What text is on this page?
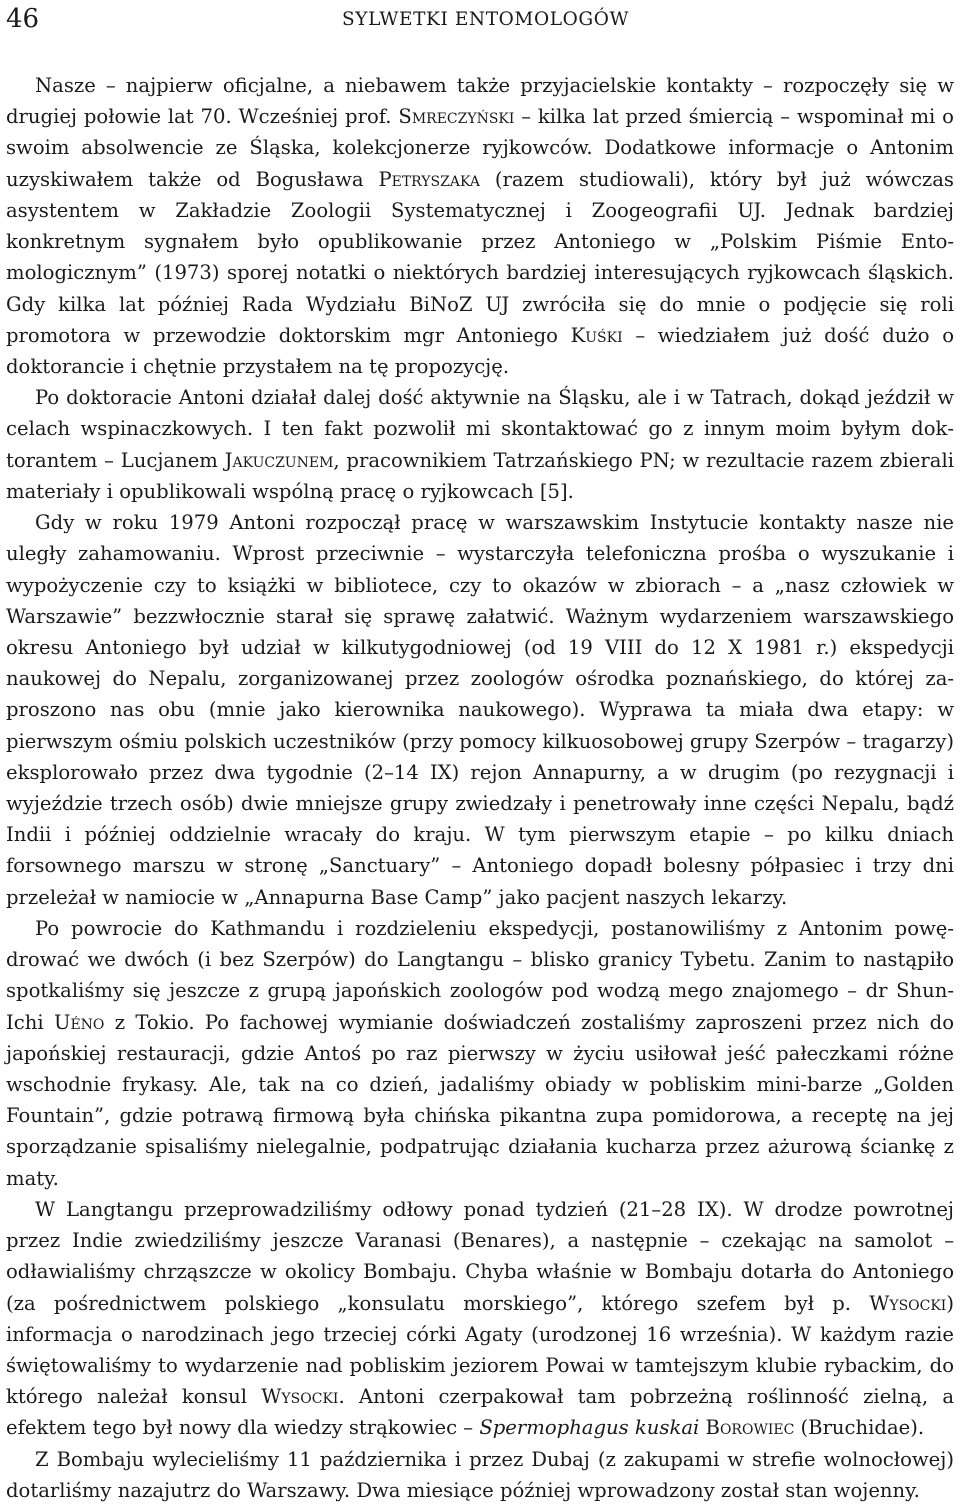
46	SYLWETKI ENTOMOLOGÓW

Nasze – najpierw oficjalne, a niebawem także przyjacielskie kontakty – rozpoczęły się w drugiej połowie lat 70. Wcześniej prof. Smreczyński – kilka lat przed śmiercią – wspominał mi o swoim absolwencie ze Śląska, kolekcjonerze ryjkowców. Dodatkowe informacje o Antonim uzyskiwałem także od Bogusława Petryszaka (razem studiowali), który był już wówczas asystentem w Zakładzie Zoologii Systematycznej i Zoogeografii UJ. Jednak bardziej konkretnym sygnałem było opublikowanie przez Antoniego w „Polskim Piśmie Entomologicznym” (1973) sporej notatki o niektórych bardziej interesujących ryjkowcach śląskich. Gdy kilka lat później Rada Wydziału BiNoZ UJ zwróciła się do mnie o podjęcie się roli promotora w przewodzie doktorskim mgr Antoniego Kuśki – wiedziałem już dość dużo o doktorancie i chętnie przystałem na tę propozycję.

Po doktoracie Antoni działał dalej dość aktywnie na Śląsku, ale i w Tatrach, dokąd jeździł w celach wspinaczkowych. I ten fakt pozwolił mi skontaktować go z innym moim byłym doktorantem – Lucjanem Jakuczunem, pracownikiem Tatrzańskiego PN; w rezultacie razem zbierali materiały i opublikowali wspólną pracę o ryjkowcach [5].

Gdy w roku 1979 Antoni rozpoczął pracę w warszawskim Instytucie kontakty nasze nie uległy zahamowaniu. Wprost przeciwnie – wystarczyła telefoniczna prośba o wyszukanie i wypożyczenie czy to książki w bibliotece, czy to okazów w zbiorach – a „nasz człowiek w Warszawie” bezzwłocznie starał się sprawę załatwić. Ważnym wydarzeniem warszawskiego okresu Antoniego był udział w kilkutygodniowej (od 19 VIII do 12 X 1981 r.) ekspedycji naukowej do Nepalu, zorganizowanej przez zoologów ośrodka poznańskiego, do której zaproszono nas obu (mnie jako kierownika naukowego). Wyprawa ta miała dwa etapy: w pierwszym ośmiu polskich uczestników (przy pomocy kilkuosobowej grupy Szerpów – tragarzy) eksplorowało przez dwa tygodnie (2–14 IX) rejon Annapurny, a w drugim (po rezygnacji i wyjeździe trzech osób) dwie mniejsze grupy zwiedzały i penetrowały inne części Nepalu, bądź Indii i później oddzielnie wracały do kraju. W tym pierwszym etapie – po kilku dniach forsownego marszu w stronę „Sanctuary” – Antoniego dopadł bolesny półpasiec i trzy dni przeleżał w namiocie w „Annapurna Base Camp” jako pacjent naszych lekarzy.

Po powrocie do Kathmandu i rozdzieleniu ekspedycji, postanowiliśmy z Antonim powędrować we dwóch (i bez Szerpów) do Langtangu – blisko granicy Tybetu. Zanim to nastąpiło spotkaliśmy się jeszcze z grupą japońskich zoologów pod wodzą mego znajomego – dr ShunIchi Uéno z Tokio. Po fachowej wymianie doświadczeń zostaliśmy zaproszeni przez nich do japońskiej restauracji, gdzie Antoś po raz pierwszy w życiu usiłował jeść pałeczkami różne wschodnie frykasy. Ale, tak na co dzień, jadaliśmy obiady w pobliskim mini-barze „Golden Fountain”, gdzie potrawą firmową była chińska pikantna zupa pomidorowa, a receptę na jej sporządzanie spisaliśmy nielegalnie, podpatrując działania kucharza przez ażurową ściankę z maty.

W Langtangu przeprowadziliśmy odłowy ponad tydzień (21–28 IX). W drodze powrotnej przez Indie zwiedziliśmy jeszcze Varanasi (Benares), a następnie – czekając na samolot – odławialiśmy chrząszcze w okolicy Bombaju. Chyba właśnie w Bombaju dotarła do Antoniego (za pośrednictwem polskiego „konsulatu morskiego”, którego szefem był p. Wysocki) informacja o narodzinach jego trzeciej córki Agaty (urodzonej 16 września). W każdym razie świętowaliśmy to wydarzenie nad pobliskim jeziorem Powai w tamtejszym klubie rybackim, do którego należał konsul Wysocki. Antoni czerpakował tam pobrzeżną roślinność zielną, a efektem tego był nowy dla wiedzy strąkowiec – Spermophagus kuskai Borowiec (Bruchidae).

Z Bombaju wylecieliśmy 11 października i przez Dubaj (z zakupami w strefie wolnocłowej) dotarliśmy nazajutrz do Warszawy. Dwa miesiące później wprowadzony został stan wojenny.
